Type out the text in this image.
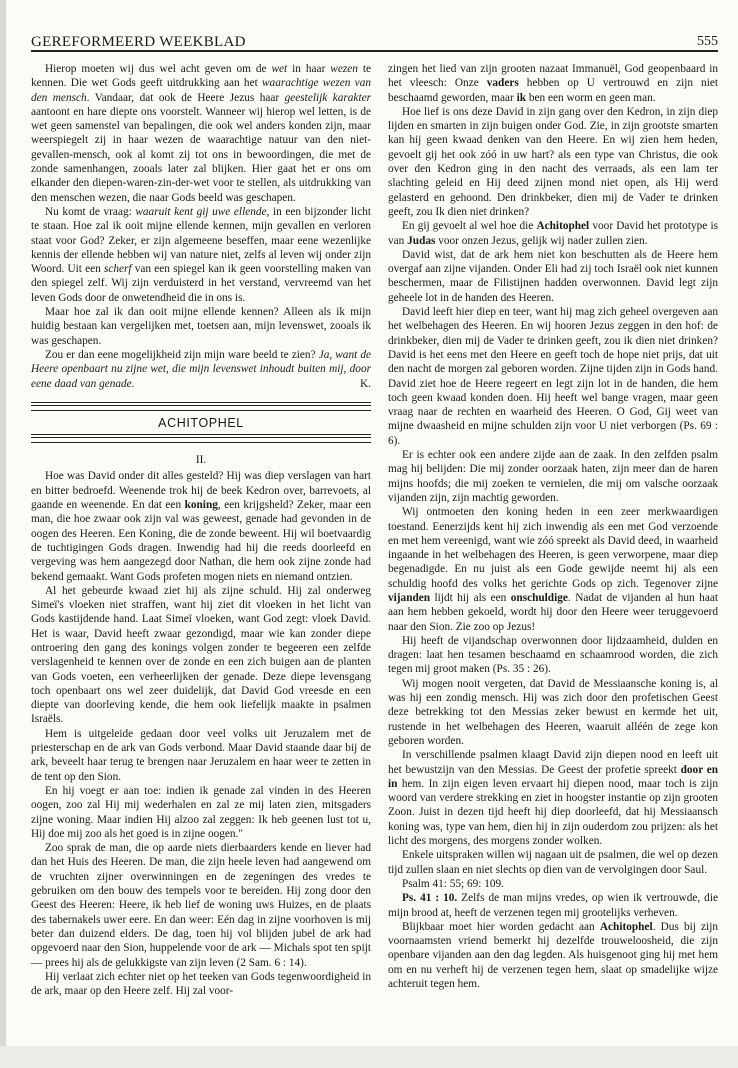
GEREFORMEERD WEEKBLAD	555

Hierop moeten wij dus wel acht geven om de wet in haar wezen te kennen. Die wet Gods geeft uitdrukking aan het waarachtige wezen van den mensch. Vandaar, dat ook de Heere Jezus haar geestelijk karakter aantoont en hare diepte ons voorstelt. Wanneer wij hierop wel letten, is de wet geen samenstel van bepalingen, die ook wel anders konden zijn, maar weerspiegelt zij in haar wezen de waarachtige natuur van den niet-gevallen-mensch, ook al komt zij tot ons in bewoordingen, die met de zonde samenhangen, zooals later zal blijken. Hier gaat het er ons om elkander den diepen-waren-zin-der-wet voor te stellen, als uitdrukking van den menschen wezen, die naar Gods beeld was geschapen.

Nu komt de vraag: waaruit kent gij uwe ellende, in een bijzonder licht te staan. Hoe zal ik ooit mijne ellende kennen, mijn gevallen en verloren staat voor God? Zeker, er zijn algemeene beseffen, maar eene wezenlijke kennis der ellende hebben wij van nature niet, zelfs al leven wij onder zijn Woord. Uit een scherf van een spiegel kan ik geen voorstelling maken van den spiegel zelf. Wij zijn verduisterd in het verstand, vervreemd van het leven Gods door de onwetendheid die in ons is.

Maar hoe zal ik dan ooit mijne ellende kennen? Alleen als ik mijn huidig bestaan kan vergelijken met, toetsen aan, mijn levenswet, zooals ik was geschapen.

Zou er dan eene mogelijkheid zijn mijn ware beeld te zien? Ja, want de Heere openbaart nu zijne wet, die mijn levenswet inhoudt buiten mij, door eene daad van genade.	K.

ACHITOPHEL
II.

Hoe was David onder dit alles gesteld? Hij was diep verslagen van hart en bitter bedroefd. Weenende trok hij de beek Kedron over, barrevoets, al gaande en weenende. En dat een koning, een krijgsheld? Zeker, maar een man, die hoe zwaar ook zijn val was geweest, genade had gevonden in de oogen des Heeren. Een Koning, die de zonde beweent. Hij wil boetvaardig de tuchtigingen Gods dragen. Inwendig had hij die reeds doorleefd en vergeving was hem aangezegd door Nathan, die hem ook zijne zonde had bekend gemaakt. Want Gods profeten mogen niets en niemand ontzien.

Al het gebeurde kwaad ziet hij als zijne schuld. Hij zal onderweg Simeï's vloeken niet straffen, want hij ziet dit vloeken in het licht van Gods kastijdende hand. Laat Simeï vloeken, want God zegt: vloek David. Het is waar, David heeft zwaar gezondigd, maar wie kan zonder diepe ontroering den gang des konings volgen zonder te begeeren een zelfde verslagenheid te kennen over de zonde en een zich buigen aan de planten van Gods voeten, een verheerlijken der genade. Deze diepe levensgang toch openbaart ons wel zeer duidelijk, dat David God vreesde en een diepte van doorleving kende, die hem ook liefelijk maakte in psalmen Israëls.

Hem is uitgeleide gedaan door veel volks uit Jeruzalem met de priesterschap en de ark van Gods verbond. Maar David staande daar bij de ark, beveelt haar terug te brengen naar Jeruzalem en haar weer te zetten in de tent op den Sion.

En hij voegt er aan toe: indien ik genade zal vinden in des Heeren oogen, zoo zal Hij mij wederhalen en zal ze mij laten zien, mitsgaders zijne woning. Maar indien Hij alzoo zal zeggen: Ik heb geenen lust tot u, Hij doe mij zoo als het goed is in zijne oogen."

Zoo sprak de man, die op aarde niets dierbaarders kende en liever had dan het Huis des Heeren. De man, die zijn heele leven had aangewend om de vruchten zijner overwinningen en de zegeningen des vredes te gebruiken om den bouw des tempels voor te bereiden. Hij zong door den Geest des Heeren: Heere, ik heb lief de woning uws Huizes, en de plaats des tabernakels uwer eere. En dan weer: Eén dag in zijne voorhoven is mij beter dan duizend elders. De dag, toen hij vol blijden jubel de ark had opgevoerd naar den Sion, huppelende voor de ark — Michals spot ten spijt — prees hij als de gelukkigste van zijn leven (2 Sam. 6 : 14).

Hij verlaat zich echter niet op het teeken van Gods tegenwoordigheid in de ark, maar op den Heere zelf. Hij zal voor-

zingen het lied van zijn grooten nazaat Immanuël, God geopenbaard in het vleesch: Onze vaders hebben op U vertrouwd en zijn niet beschaamd geworden, maar ik ben een worm en geen man.

Hoe lief is ons deze David in zijn gang over den Kedron, in zijn diep lijden en smarten in zijn buigen onder God. Zie, in zijn grootste smarten kan hij geen kwaad denken van den Heere. En wij zien hem heden, gevoelt gij het ook zóó in uw hart? als een type van Christus, die ook over den Kedron ging in den nacht des verraads, als een lam ter slachting geleid en Hij deed zijnen mond niet open, als Hij werd gelasterd en gehoond. Den drinkbeker, dien mij de Vader te drinken geeft, zou Ik dien niet drinken?

En gij gevoelt al wel hoe die Achitophel voor David het prototype is van Judas voor onzen Jezus, gelijk wij nader zullen zien.

David wist, dat de ark hem niet kon beschutten als de Heere hem overgaf aan zijne vijanden. Onder Eli had zij toch Israël ook niet kunnen beschermen, maar de Filistijnen hadden overwonnen. David legt zijn geheele lot in de handen des Heeren.

David leeft hier diep en teer, want hij mag zich geheel overgeven aan het welbehagen des Heeren. En wij hooren Jezus zeggen in den hof: de drinkbeker, dien mij de Vader te drinken geeft, zou ik dien niet drinken? David is het eens met den Heere en geeft toch de hope niet prijs, dat uit den nacht de morgen zal geboren worden. Zijne tijden zijn in Gods hand. David ziet hoe de Heere regeert en legt zijn lot in de handen, die hem toch geen kwaad konden doen. Hij heeft wel bange vragen, maar geen vraag naar de rechten en waarheid des Heeren. O God, Gij weet van mijne dwaasheid en mijne schulden zijn voor U niet verborgen (Ps. 69 : 6).

Er is echter ook een andere zijde aan de zaak. In den zelfden psalm mag hij belijden: Die mij zonder oorzaak haten, zijn meer dan de haren mijns hoofds; die mij zoeken te vernielen, die mij om valsche oorzaak vijanden zijn, zijn machtig geworden.

Wij ontmoeten den koning heden in een zeer merkwaardigen toestand. Eenerzijds kent hij zich inwendig als een met God verzoende en met hem vereenigd, want wie zóó spreekt als David deed, in waarheid ingaande in het welbehagen des Heeren, is geen verworpene, maar diep begenadigde. En nu juist als een Gode gewijde neemt hij als een schuldig hoofd des volks het gerichte Gods op zich. Tegenover zijne vijanden lijdt hij als een onschuldige. Nadat de vijanden al hun haat aan hem hebben gekoeld, wordt hij door den Heere weer teruggevoerd naar den Sion. Zie zoo op Jezus!

Hij heeft de vijandschap overwonnen door lijdzaamheid, dulden en dragen: laat hen tesamen beschaamd en schaamrood worden, die zich tegen mij groot maken (Ps. 35 : 26).

Wij mogen nooit vergeten, dat David de Messiaansche koning is, al was hij een zondig mensch. Hij was zich door den profetischen Geest deze betrekking tot den Messias zeker bewust en kermde het uit, rustende in het welbehagen des Heeren, waaruit alléén de zege kon geboren worden.

In verschillende psalmen klaagt David zijn diepen nood en leeft uit het bewustzijn van den Messias. De Geest der profetie spreekt door en in hem. In zijn eigen leven ervaart hij diepen nood, maar toch is zijn woord van verdere strekking en ziet in hoogster instantie op zijn grooten Zoon. Juist in dezen tijd heeft hij diep doorleefd, dat hij Messiaansch koning was, type van hem, dien hij in zijn ouderdom zou prijzen: als het licht des morgens, des morgens zonder wolken.

Enkele uitspraken willen wij nagaan uit de psalmen, die wel op dezen tijd zullen slaan en niet slechts op dien van de vervolgingen door Saul.

Psalm 41: 55; 69: 109.

Ps. 41 : 10. Zelfs de man mijns vredes, op wien ik vertrouwde, die mijn brood at, heeft de verzenen tegen mij grootelijks verheven.

Blijkbaar moet hier worden gedacht aan Achitophel. Dus bij zijn voornaamsten vriend bemerkt hij dezelfde trouweloosheid, die zijn openbare vijanden aan den dag legden. Als huisgenoot ging hij met hem om en nu verheft hij de verzenen tegen hem, slaat op smadelijke wijze achteruit tegen hem.
